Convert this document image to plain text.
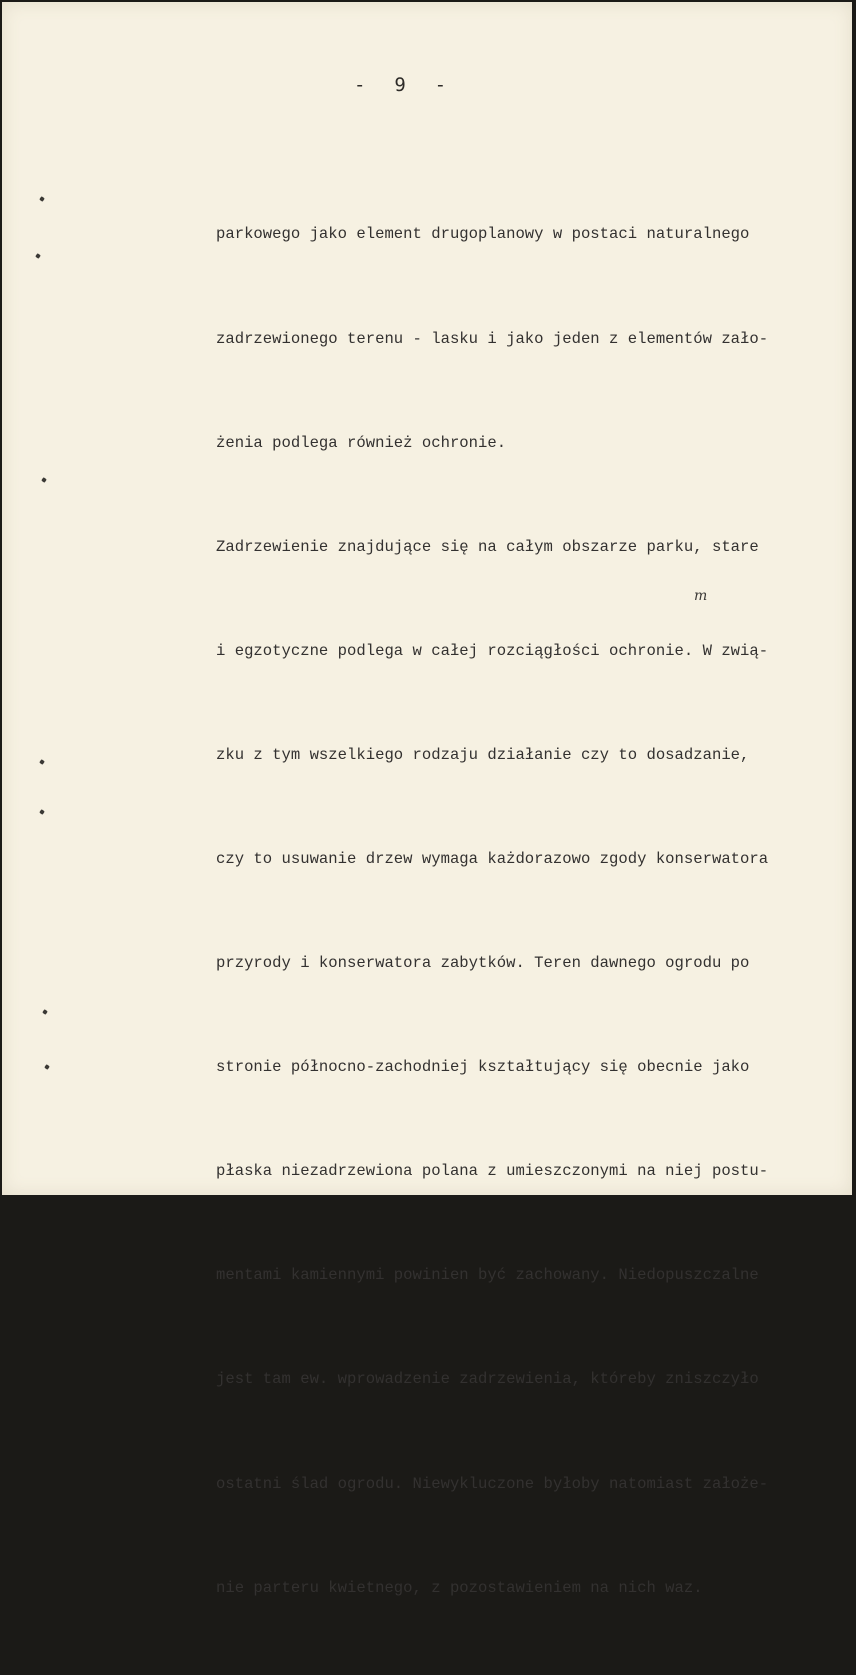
-  9  -

parkowego jako element drugoplanowy w postaci naturalnego

zadrzewionego terenu - lasku i jako jeden z elementów zało-

żenia podlega również ochronie.

Zadrzewienie znajdujące się na całym obszarze parku, stare

i egzotyczne podlega w całej rozciągłości ochronie. W zwią-

zku z tym wszelkiego rodzaju działanie czy to dosadzanie,

czy to usuwanie drzew wymaga każdorazowo zgody konserwatora

przyrody i konserwatora zabytków. Teren dawnego ogrodu po

stronie północno-zachodniej kształtujący się obecnie jako

płaska niezadrzewiona polana z umieszczonymi na niej postu-

mentami kamiennymi powinien być zachowany. Niedopuszczalne

jest tam ew. wprowadzenie zadrzewienia, któreby zniszczyło

ostatni ślad ogrodu. Niewykluczone byłoby natomiast założe-

nie parteru kwietnego, z pozostawieniem na nich waz.

m
